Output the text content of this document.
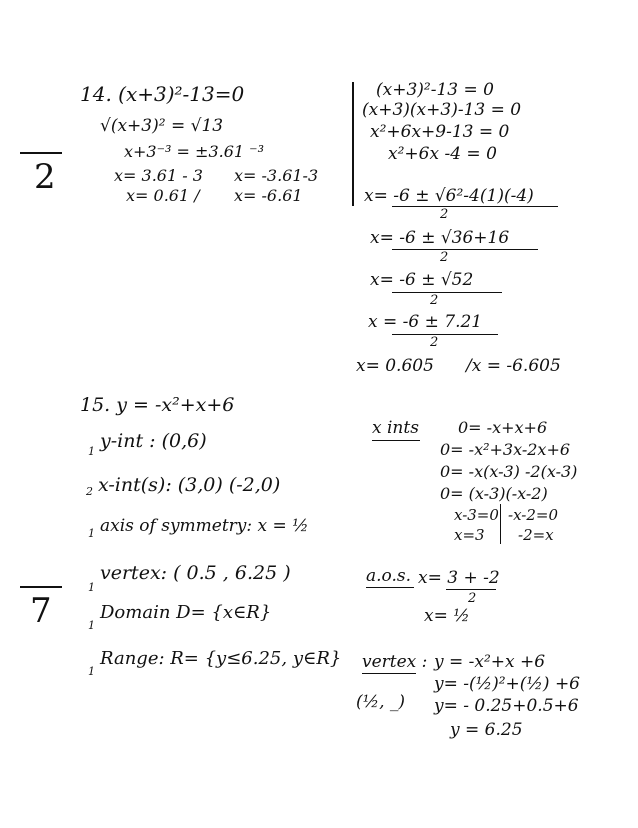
2
7
14. (x+3)²-13=0
√(x+3)² = √13
x+3⁻³ = ±3.61 ⁻³
x= 3.61 - 3 x= -3.61-3
x= 0.61 / x= -6.61
(x+3)²-13 = 0
(x+3)(x+3)-13 = 0
x²+6x+9-13 = 0
x²+6x -4 = 0
x= -6 ± √6²-4(1)(-4)
2
x= -6 ± √36+16
2
x= -6 ± √52
2
x = -6 ± 7.21
2
x= 0.605 /x = -6.605
15. y = -x²+x+6
1 y-int : (0,6)
2 x-int(s): (3,0) (-2,0)
1 axis of symmetry: x = ½
1
vertex: ( 0.5 , 6.25 )
1
Domain D= {x∈R}
1
Range: R= {y≤6.25, y∈R}
x ints 0= -x+x+6
0= -x²+3x-2x+6
0= -x(x-3) -2(x-3)
0= (x-3)(-x-2)
x-3=0
x=3
-x-2=0
-2=x
a.o.s. x= 3 + -2
2
x= ½
vertex : y = -x²+x +6
y= -(½)²+(½) +6
y= - 0.25+0.5+6
y = 6.25
(½, _)
